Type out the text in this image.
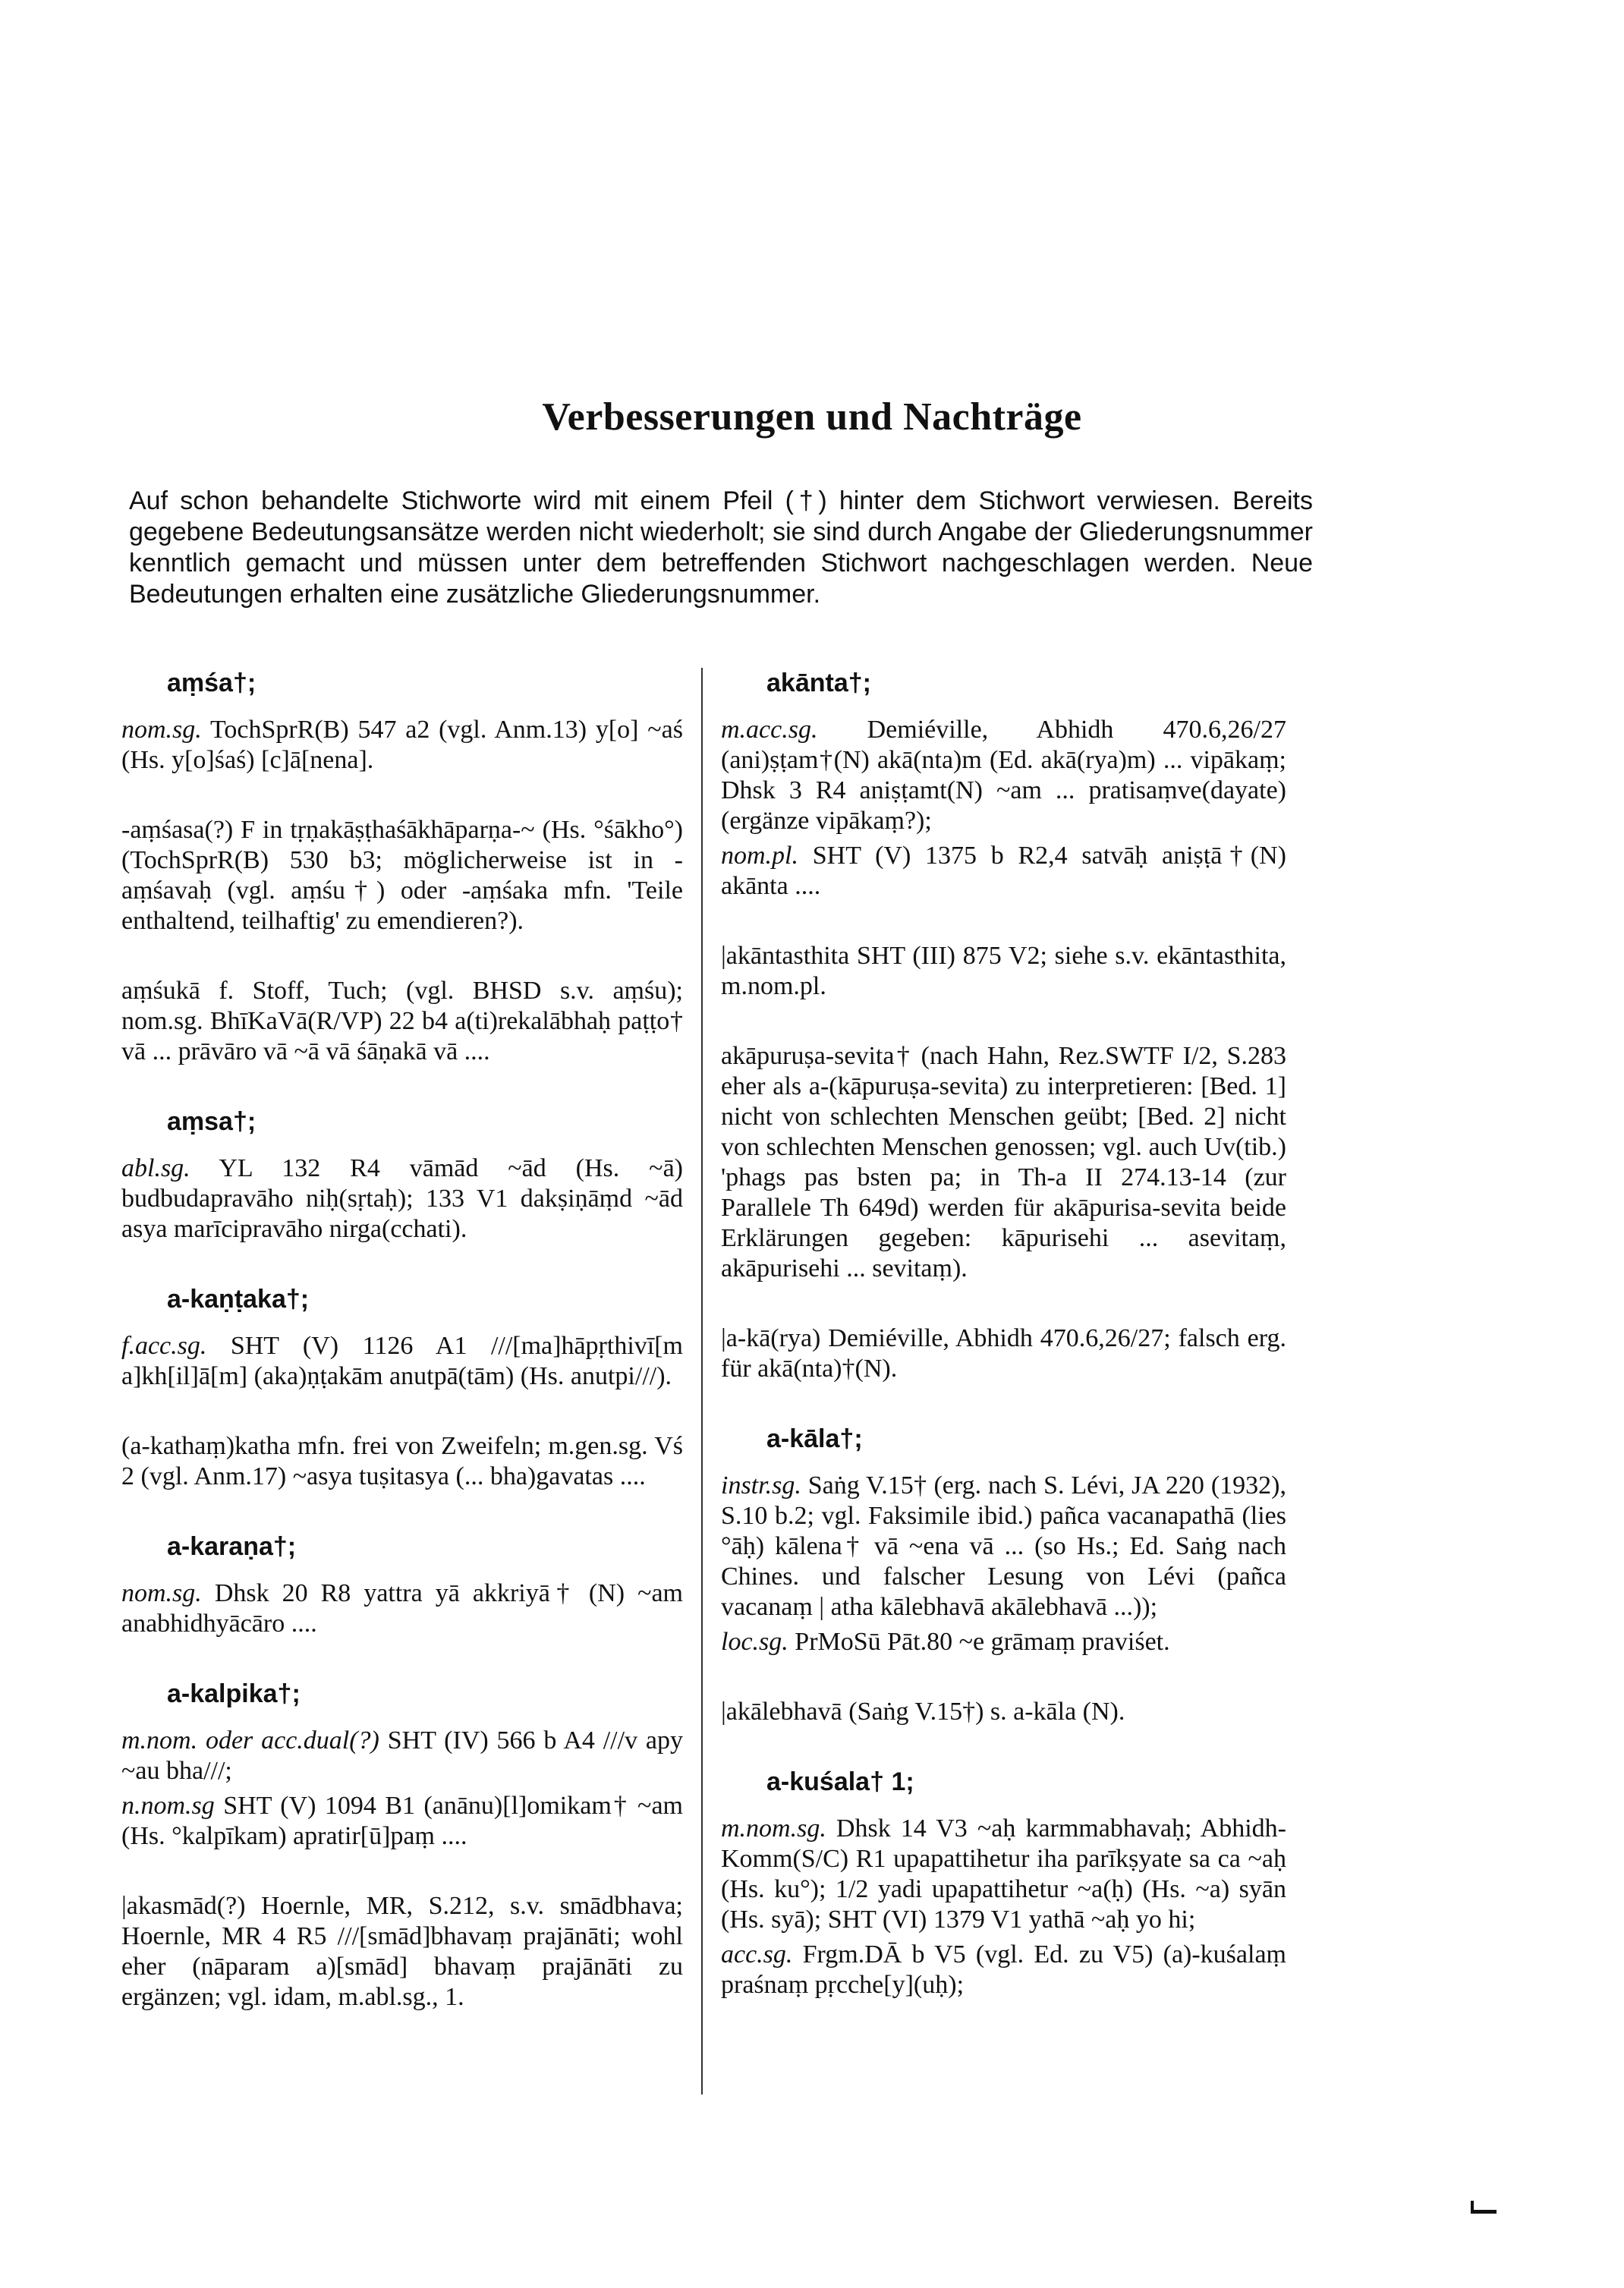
Verbesserungen und Nachträge
Auf schon behandelte Stichworte wird mit einem Pfeil (†) hinter dem Stichwort verwiesen. Bereits gegebene Bedeutungsansätze werden nicht wiederholt; sie sind durch Angabe der Gliederungsnummer kenntlich gemacht und müssen unter dem betreffenden Stichwort nachgeschlagen werden. Neue Bedeutungen erhalten eine zusätzliche Gliederungsnummer.
aṃśa†;

nom.sg. TochSprR(B) 547 a2 (vgl. Anm.13) y[o] ~aś (Hs. y[o]śaś) [c]ā[nena].

-aṃśasa(?) F in tṛṇakāṣṭhaśākhāparṇa-~ (Hs. °śākho°) (TochSprR(B) 530 b3; möglicherweise ist in -aṃśavaḥ (vgl. aṃśu†) oder -aṃśaka mfn. 'Teile enthaltend, teilhaftig' zu emendieren?).

aṃśukā f. Stoff, Tuch; (vgl. BHSD s.v. aṃśu); nom.sg. BhīKaVā(R/VP) 22 b4 a(ti)rekalābhaḥ paṭṭo† vā ... prāvāro vā ~ā vā śāṇakā vā ....

aṃsa†;

abl.sg. YL 132 R4 vāmād ~ād (Hs. ~ā) budbudapravāho niḥ(sṛtaḥ); 133 V1 dakṣiṇāṃd ~ād asya marīcipravāho nirga(cchati).

a-kaṇṭaka†;

f.acc.sg. SHT (V) 1126 A1 ///[ma]hāpṛthivī[m a]kh[il]ā[m] (aka)ṇṭakām anutpā(tām) (Hs. anutpi///).

(a-kathaṃ)katha mfn. frei von Zweifeln; m.gen.sg. Vś 2 (vgl. Anm.17) ~asya tuṣitasya (... bha)gavatas ....

a-karaṇa†;

nom.sg. Dhsk 20 R8 yattra yā akkriyā† (N) ~am anabhidhyācāro ....

a-kalpika†;

m.nom. oder acc.dual(?) SHT (IV) 566 b A4 ///v apy ~au bha///;
n.nom.sg SHT (V) 1094 B1 (anānu)[l]omikam† ~am (Hs. °kalpīkam) apratir[ū]paṃ ....

|akasmād(?) Hoernle, MR, S.212, s.v. smādbhava; Hoernle, MR 4 R5 ///[smād]bhavaṃ prajānāti; wohl eher (nāparam a)[smād] bhavaṃ prajānāti zu ergänzen; vgl. idam, m.abl.sg., 1.

akānta†;

m.acc.sg. Demiéville, Abhidh 470.6,26/27 (ani)ṣṭam†(N) akā(nta)m (Ed. akā(rya)m) ... vipākaṃ; Dhsk 3 R4 aniṣṭamt(N) ~am ... pratisaṃve(dayate) (ergänze vipākaṃ?);
nom.pl. SHT (V) 1375 b R2,4 satvāḥ aniṣṭā†(N) akānta ....

|akāntasthita SHT (III) 875 V2; siehe s.v. ekāntasthita, m.nom.pl.

akāpuruṣa-sevita† (nach Hahn, Rez.SWTF I/2, S.283 eher als a-(kāpuruṣa-sevita) zu interpretieren: [Bed. 1] nicht von schlechten Menschen geübt; [Bed. 2] nicht von schlechten Menschen genossen; vgl. auch Uv(tib.) 'phags pas bsten pa; in Th-a II 274.13-14 (zur Parallele Th 649d) werden für akāpurisa-sevita beide Erklärungen gegeben: kāpurisehi ... asevitaṃ, akāpurisehi ... sevitaṃ).

|a-kā(rya) Demiéville, Abhidh 470.6,26/27; falsch erg. für akā(nta)†(N).

a-kāla†;

instr.sg. Saṅg V.15† (erg. nach S. Lévi, JA 220 (1932), S.10 b.2; vgl. Faksimile ibid.) pañca vacanapathā (lies °āḥ) kālena† vā ~ena vā ... (so Hs.; Ed. Saṅg nach Chines. und falscher Lesung von Lévi (pañca vacanaṃ | atha kālebhavā akālebhavā ...));
loc.sg. PrMoSū Pāt.80 ~e grāmaṃ praviśet.

|akālebhavā (Saṅg V.15†) s. a-kāla (N).

a-kuśala† 1;

m.nom.sg. Dhsk 14 V3 ~aḥ karmmabhavaḥ; Abhidh-Komm(S/C) R1 upapattihetur iha parīkṣyate sa ca ~aḥ (Hs. ku°); 1/2 yadi upapattihetur ~a(ḥ) (Hs. ~a) syān (Hs. syā); SHT (VI) 1379 V1 yathā ~aḥ yo hi;
acc.sg. Frgm.DĀ b V5 (vgl. Ed. zu V5) (a)-kuśalaṃ praśnaṃ pṛcche[y](uḥ);
